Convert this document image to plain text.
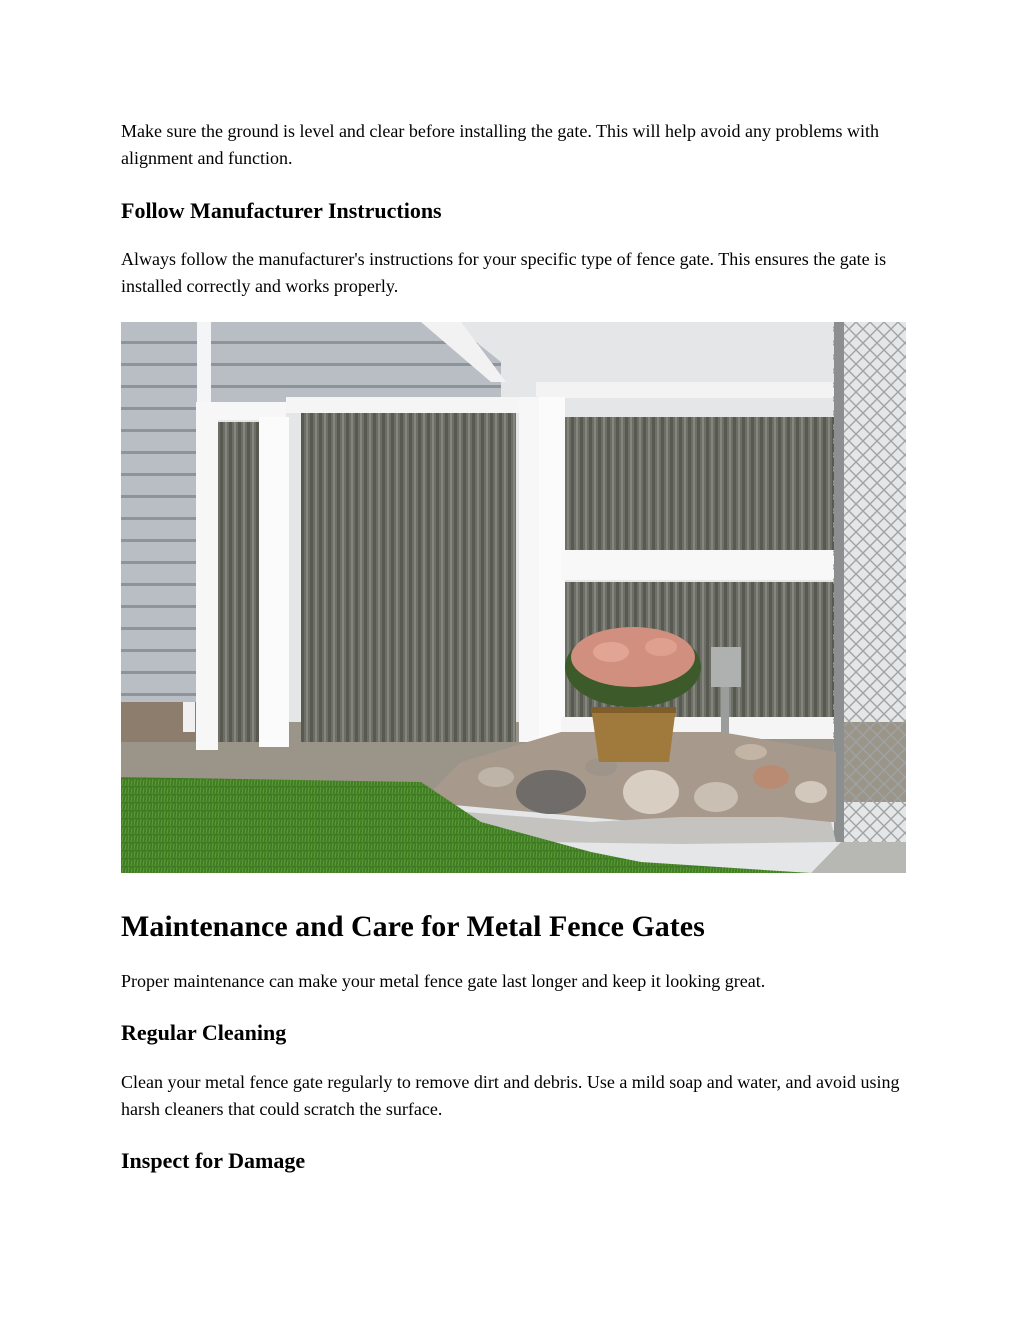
Make sure the ground is level and clear before installing the gate. This will help avoid any problems with alignment and function.

Follow Manufacturer Instructions

Always follow the manufacturer's instructions for your specific type of fence gate. This ensures the gate is installed correctly and works properly.

Maintenance and Care for Metal Fence Gates

Proper maintenance can make your metal fence gate last longer and keep it looking great.

Regular Cleaning

Clean your metal fence gate regularly to remove dirt and debris. Use a mild soap and water, and avoid using harsh cleaners that could scratch the surface.

Inspect for Damage
